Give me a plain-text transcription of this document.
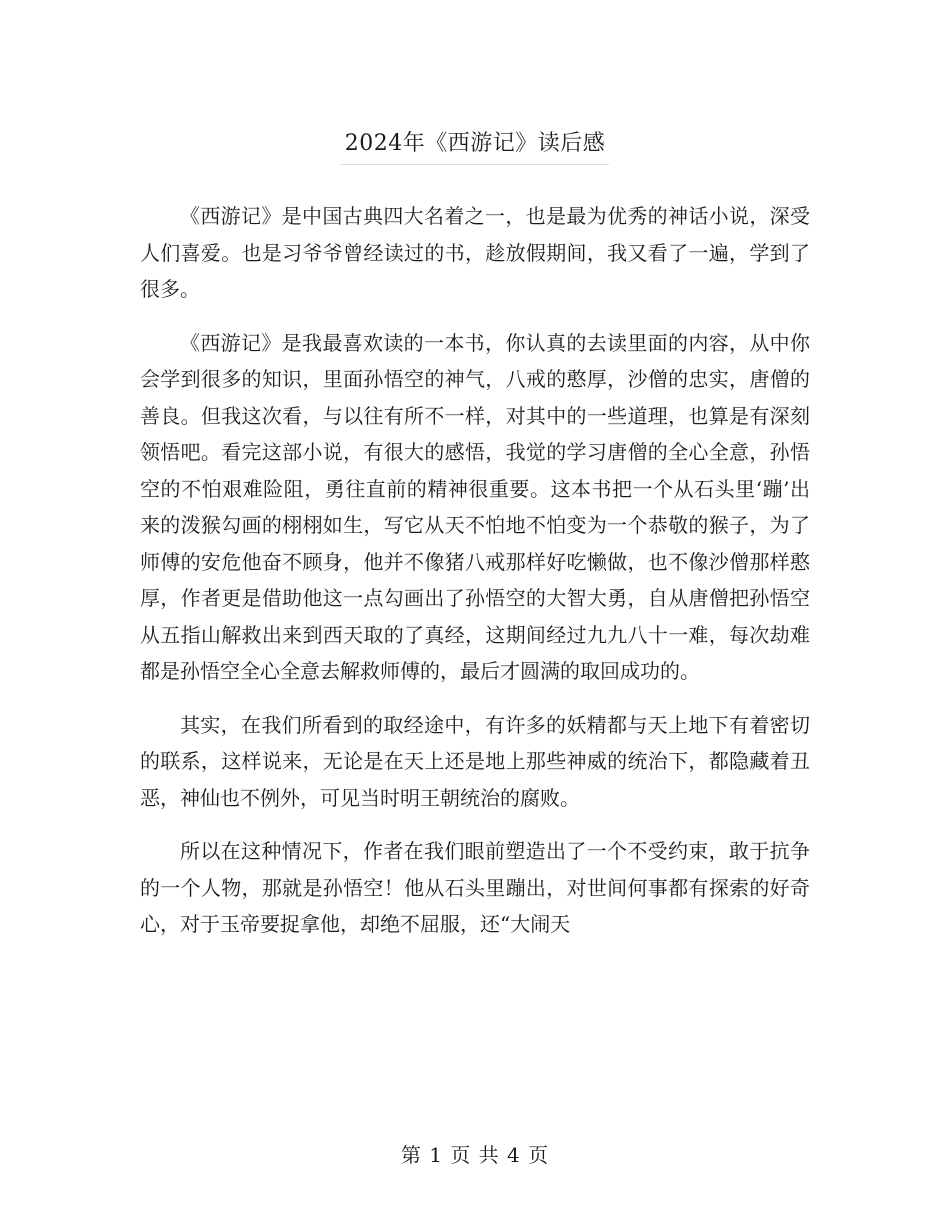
2024年《西游记》读后感

《西游记》是中国古典四大名着之一，也是最为优秀的神话小说，深受人们喜爱。也是习爷爷曾经读过的书，趁放假期间，我又看了一遍，学到了很多。

《西游记》是我最喜欢读的一本书，你认真的去读里面的内容，从中你会学到很多的知识，里面孙悟空的神气，八戒的憨厚，沙僧的忠实，唐僧的善良。但我这次看，与以往有所不一样，对其中的一些道理，也算是有深刻领悟吧。看完这部小说，有很大的感悟，我觉的学习唐僧的全心全意，孙悟空的不怕艰难险阻，勇往直前的精神很重要。这本书把一个从石头里‘蹦’出来的泼猴勾画的栩栩如生，写它从天不怕地不怕变为一个恭敬的猴子，为了师傅的安危他奋不顾身，他并不像猪八戒那样好吃懒做，也不像沙僧那样憨厚，作者更是借助他这一点勾画出了孙悟空的大智大勇，自从唐僧把孙悟空从五指山解救出来到西天取的了真经，这期间经过九九八十一难，每次劫难都是孙悟空全心全意去解救师傅的，最后才圆满的取回成功的。

其实，在我们所看到的取经途中，有许多的妖精都与天上地下有着密切的联系，这样说来，无论是在天上还是地上那些神威的统治下，都隐藏着丑恶，神仙也不例外，可见当时明王朝统治的腐败。

所以在这种情况下，作者在我们眼前塑造出了一个不受约束，敢于抗争的一个人物，那就是孙悟空！他从石头里蹦出，对世间何事都有探索的好奇心，对于玉帝要捉拿他，却绝不屈服，还“大闹天

第 1 页 共 4 页
